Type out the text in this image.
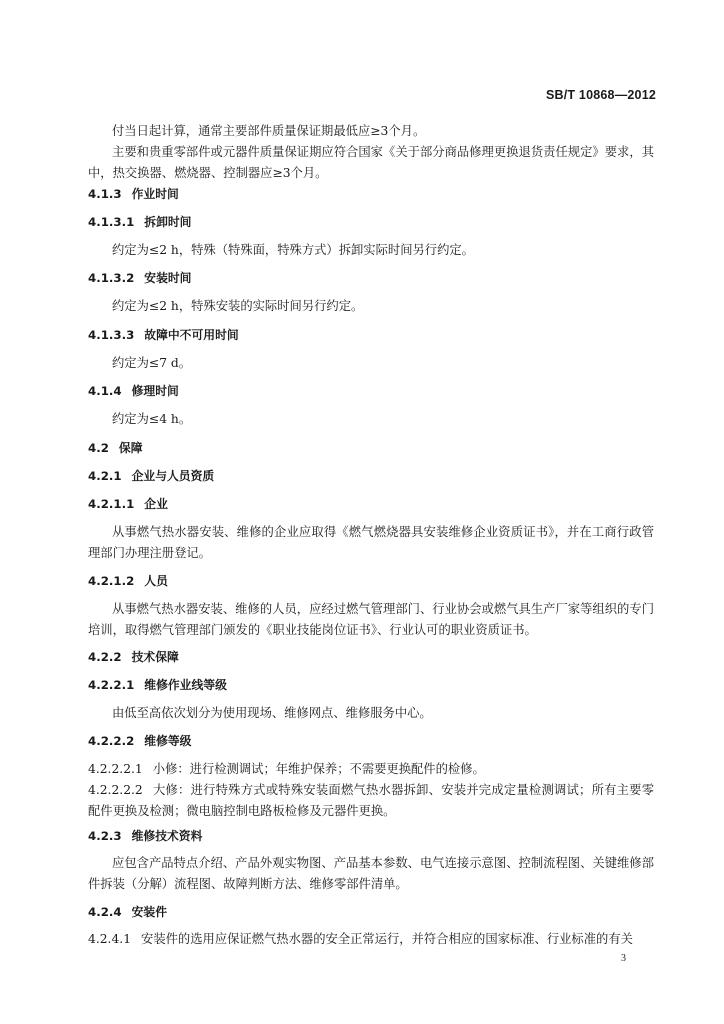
SB/T 10868—2012
付当日起计算，通常主要部件质量保证期最低应≥3个月。
主要和贵重零部件或元器件质量保证期应符合国家《关于部分商品修理更换退货责任规定》要求，其中，热交换器、燃烧器、控制器应≥3个月。
4.1.3 作业时间
4.1.3.1 拆卸时间
约定为≤2 h，特殊（特殊面，特殊方式）拆卸实际时间另行约定。
4.1.3.2 安装时间
约定为≤2 h，特殊安装的实际时间另行约定。
4.1.3.3 故障中不可用时间
约定为≤7 d。
4.1.4 修理时间
约定为≤4 h。
4.2 保障
4.2.1 企业与人员资质
4.2.1.1 企业
从事燃气热水器安装、维修的企业应取得《燃气燃烧器具安装维修企业资质证书》，并在工商行政管理部门办理注册登记。
4.2.1.2 人员
从事燃气热水器安装、维修的人员，应经过燃气管理部门、行业协会或燃气具生产厂家等组织的专门培训，取得燃气管理部门颁发的《职业技能岗位证书》、行业认可的职业资质证书。
4.2.2 技术保障
4.2.2.1 维修作业线等级
由低至高依次划分为使用现场、维修网点、维修服务中心。
4.2.2.2 维修等级
4.2.2.2.1 小修：进行检测调试；年维护保养；不需要更换配件的检修。
4.2.2.2.2 大修：进行特殊方式或特殊安装面燃气热水器拆卸、安装并完成定量检测调试；所有主要零配件更换及检测；微电脑控制电路板检修及元器件更换。
4.2.3 维修技术资料
应包含产品特点介绍、产品外观实物图、产品基本参数、电气连接示意图、控制流程图、关键维修部件拆装（分解）流程图、故障判断方法、维修零部件清单。
4.2.4 安装件
4.2.4.1 安装件的选用应保证燃气热水器的安全正常运行，并符合相应的国家标准、行业标准的有关
3
